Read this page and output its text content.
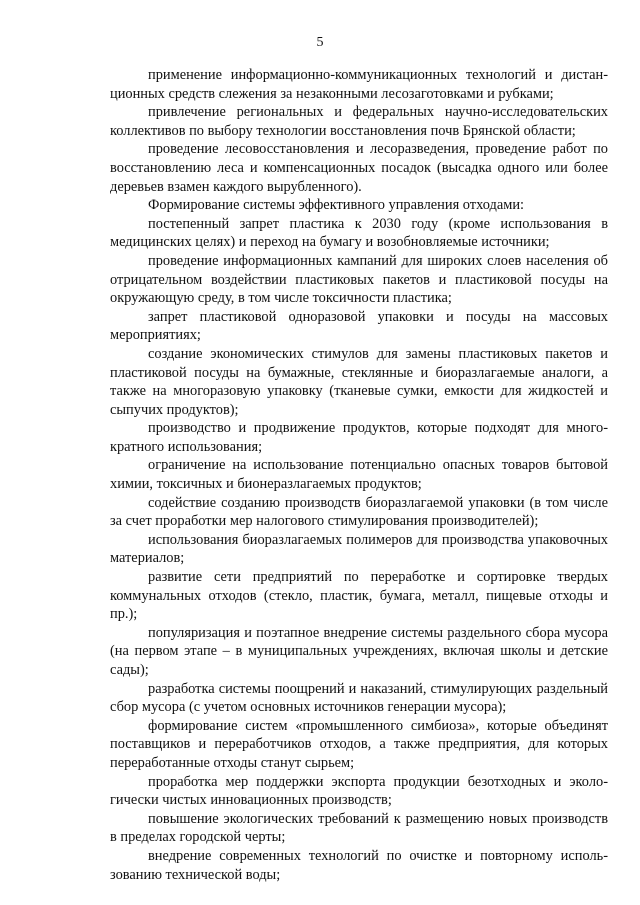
5

применение информационно-коммуникационных технологий и дистанционных средств слежения за незаконными лесозаготовками и рубками;

привлечение региональных и федеральных научно-исследовательских коллективов по выбору технологии восстановления почв Брянской области;

проведение лесовосстановления и лесоразведения, проведение работ по восстановлению леса и компенсационных посадок (высадка одного или более деревьев взамен каждого вырубленного).

Формирование системы эффективного управления отходами:

постепенный запрет пластика к 2030 году (кроме использования в медицинских целях) и переход на бумагу и возобновляемые источники;

проведение информационных кампаний для широких слоев населения об отрицательном воздействии пластиковых пакетов и пластиковой посуды на окружающую среду, в том числе токсичности пластика;

запрет пластиковой одноразовой упаковки и посуды на массовых мероприятиях;

создание экономических стимулов для замены пластиковых пакетов и пластиковой посуды на бумажные, стеклянные и биоразлагаемые аналоги, а также на многоразовую упаковку (тканевые сумки, емкости для жидкостей и сыпучих продуктов);

производство и продвижение продуктов, которые подходят для многократного использования;

ограничение на использование потенциально опасных товаров бытовой химии, токсичных и бионеразлагаемых продуктов;

содействие созданию производств биоразлагаемой упаковки (в том числе за счет проработки мер налогового стимулирования производителей);

использования биоразлагаемых полимеров для производства упаковочных материалов;

развитие сети предприятий по переработке и сортировке твердых коммунальных отходов (стекло, пластик, бумага, металл, пищевые отходы и пр.);

популяризация и поэтапное внедрение системы раздельного сбора мусора (на первом этапе – в муниципальных учреждениях, включая школы и детские сады);

разработка системы поощрений и наказаний, стимулирующих раздельный сбор мусора (с учетом основных источников генерации мусора);

формирование систем «промышленного симбиоза», которые объединят поставщиков и переработчиков отходов, а также предприятия, для которых переработанные отходы станут сырьем;

проработка мер поддержки экспорта продукции безотходных и экологически чистых инновационных производств;

повышение экологических требований к размещению новых производств в пределах городской черты;

внедрение современных технологий по очистке и повторному использованию технической воды;
